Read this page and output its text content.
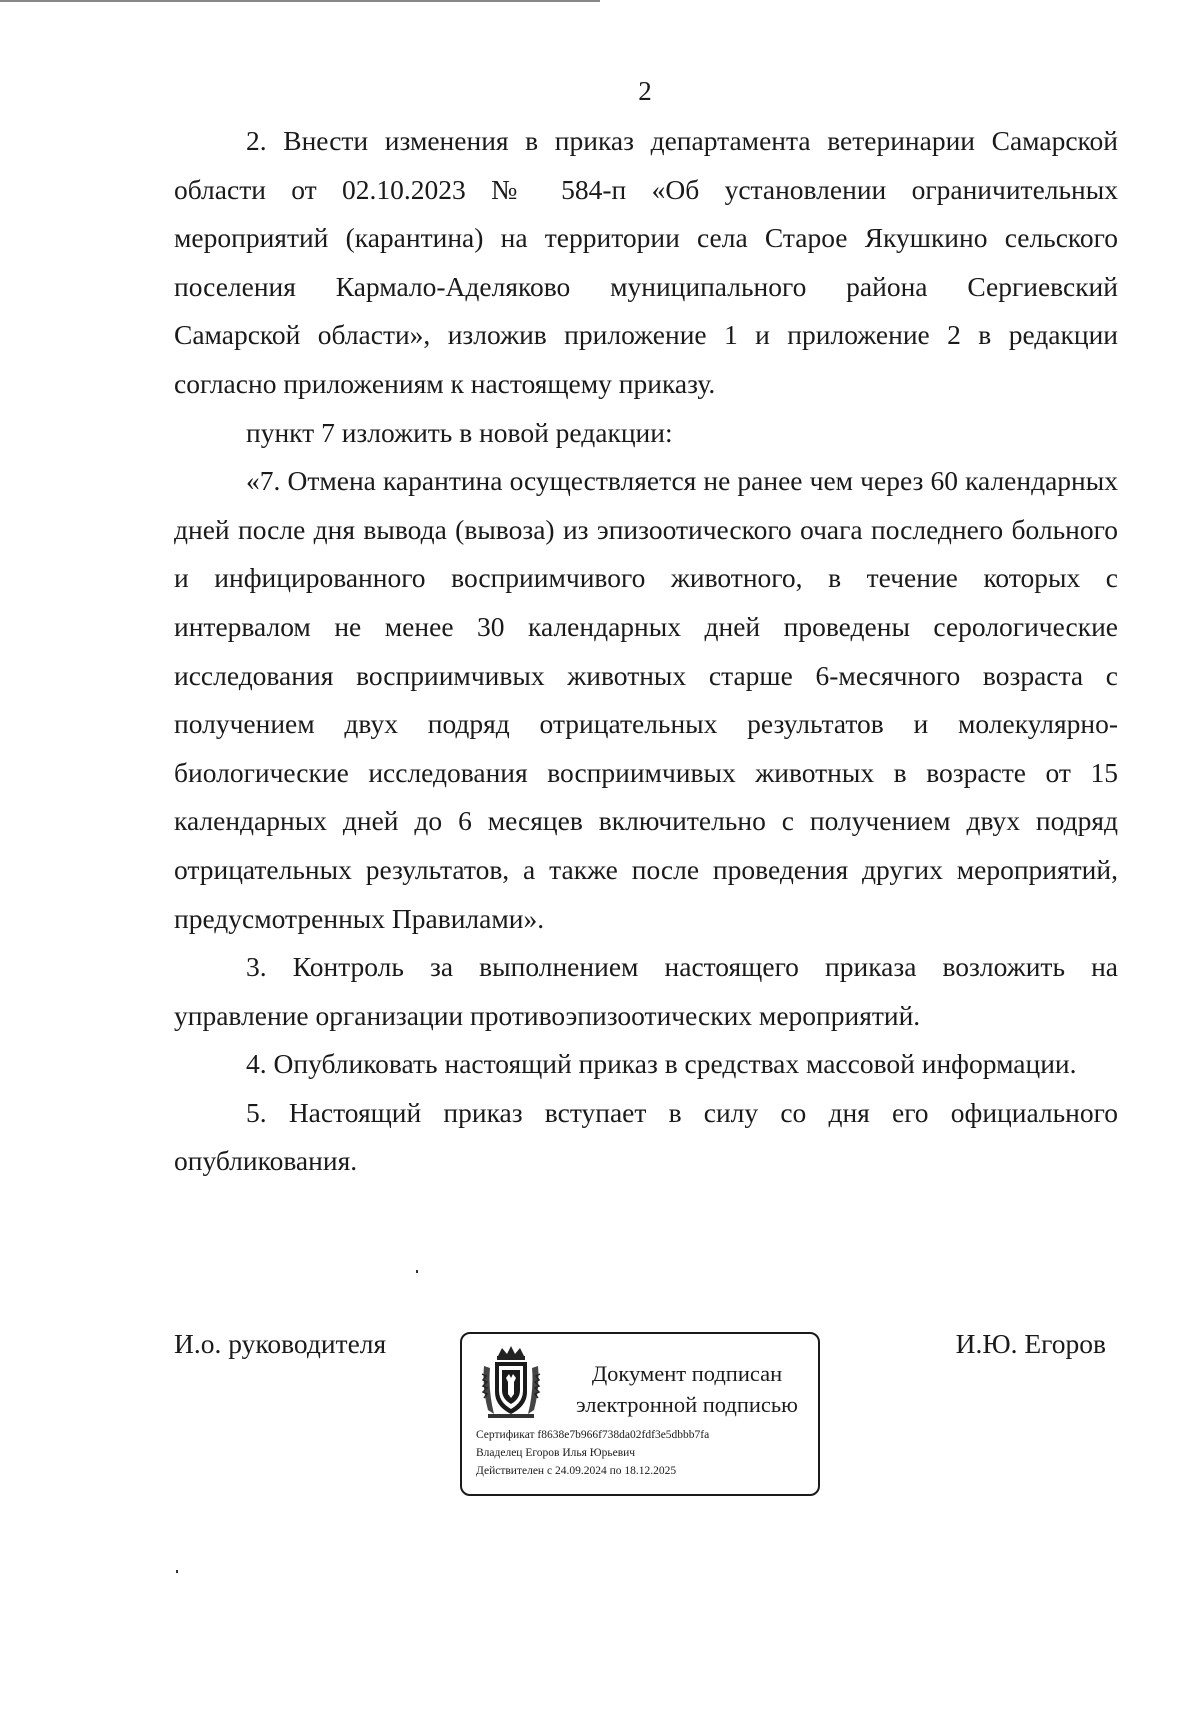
2

2. Внести изменения в приказ департамента ветеринарии Самарской области от 02.10.2023 № 584-п «Об установлении ограничительных мероприятий (карантина) на территории села Старое Якушкино сельского поселения Кармало-Аделяково муниципального района Сергиевский Самарской области», изложив приложение 1 и приложение 2 в редакции согласно приложениям к настоящему приказу.

пункт 7 изложить в новой редакции:

«7. Отмена карантина осуществляется не ранее чем через 60 календарных дней после дня вывода (вывоза) из эпизоотического очага последнего больного и инфицированного восприимчивого животного, в течение которых с интервалом не менее 30 календарных дней проведены серологические исследования восприимчивых животных старше 6-месячного возраста с получением двух подряд отрицательных результатов и молекулярно-биологические исследования восприимчивых животных в возрасте от 15 календарных дней до 6 месяцев включительно с получением двух подряд отрицательных результатов, а также после проведения других мероприятий, предусмотренных Правилами».

3. Контроль за выполнением настоящего приказа возложить на управление организации противоэпизоотических мероприятий.

4. Опубликовать настоящий приказ в средствах массовой информации.

5. Настоящий приказ вступает в силу со дня его официального опубликования.

И.о. руководителя
Документ подписан
электронной подписью
Сертификат f8638e7b966f738da02fdf3e5dbbb7fa
Владелец Егоров Илья Юрьевич
Действителен с 24.09.2024 по 18.12.2025
И.Ю. Егоров
